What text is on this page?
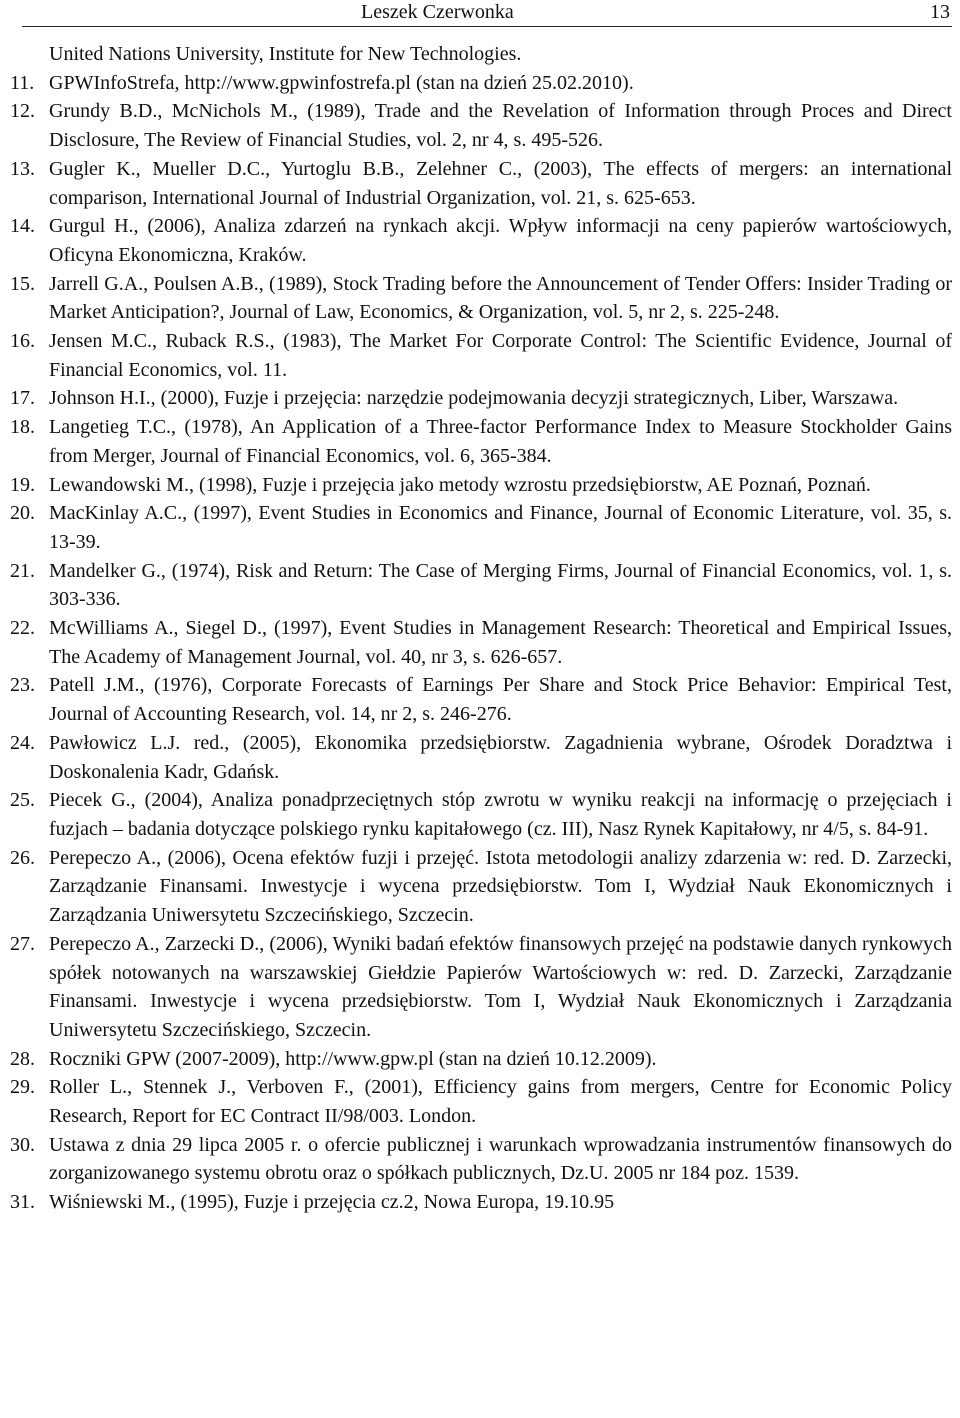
Leszek Czerwonka	13

United Nations University, Institute for New Technologies.

11. GPWInfoStrefa, http://www.gpwinfostrefa.pl (stan na dzień 25.02.2010).

12. Grundy B.D., McNichols M., (1989), Trade and the Revelation of Information through Proces and Direct Disclosure, The Review of Financial Studies, vol. 2, nr 4, s. 495-526.

13. Gugler K., Mueller D.C., Yurtoglu B.B., Zelehner C., (2003), The effects of mergers: an international comparison, International Journal of Industrial Organization, vol. 21, s. 625-653.

14. Gurgul H., (2006), Analiza zdarzeń na rynkach akcji. Wpływ informacji na ceny papierów wartościowych, Oficyna Ekonomiczna, Kraków.

15. Jarrell G.A., Poulsen A.B., (1989), Stock Trading before the Announcement of Tender Offers: Insider Trading or Market Anticipation?, Journal of Law, Economics, & Organization, vol. 5, nr 2, s. 225-248.

16. Jensen M.C., Ruback R.S., (1983), The Market For Corporate Control: The Scientific Evidence, Journal of Financial Economics, vol. 11.

17. Johnson H.I., (2000), Fuzje i przejęcia: narzędzie podejmowania decyzji strategicznych, Liber, Warszawa.

18. Langetieg T.C., (1978), An Application of a Three-factor Performance Index to Measure Stockholder Gains from Merger, Journal of Financial Economics, vol. 6, 365-384.

19. Lewandowski M., (1998), Fuzje i przejęcia jako metody wzrostu przedsiębiorstw, AE Poznań, Poznań.

20. MacKinlay A.C., (1997), Event Studies in Economics and Finance, Journal of Economic Literature, vol. 35, s. 13-39.

21. Mandelker G., (1974), Risk and Return: The Case of Merging Firms, Journal of Financial Economics, vol. 1, s. 303-336.

22. McWilliams A., Siegel D., (1997), Event Studies in Management Research: Theoretical and Empirical Issues, The Academy of Management Journal, vol. 40, nr 3, s. 626-657.

23. Patell J.M., (1976), Corporate Forecasts of Earnings Per Share and Stock Price Behavior: Empirical Test, Journal of Accounting Research, vol. 14, nr 2, s. 246-276.

24. Pawłowicz L.J. red., (2005), Ekonomika przedsiębiorstw. Zagadnienia wybrane, Ośrodek Doradztwa i Doskonalenia Kadr, Gdańsk.

25. Piecek G., (2004), Analiza ponadprzeciętnych stóp zwrotu w wyniku reakcji na informację o przejęciach i fuzjach – badania dotyczące polskiego rynku kapitałowego (cz. III), Nasz Rynek Kapitałowy, nr 4/5, s. 84-91.

26. Perepeczo A., (2006), Ocena efektów fuzji i przejęć. Istota metodologii analizy zdarzenia w: red. D. Zarzecki, Zarządzanie Finansami. Inwestycje i wycena przedsiębiorstw. Tom I, Wydział Nauk Ekonomicznych i Zarządzania Uniwersytetu Szczecińskiego, Szczecin.

27. Perepeczo A., Zarzecki D., (2006), Wyniki badań efektów finansowych przejęć na podstawie danych rynkowych spółek notowanych na warszawskiej Giełdzie Papierów Wartościowych w: red. D. Zarzecki, Zarządzanie Finansami. Inwestycje i wycena przedsiębiorstw. Tom I, Wydział Nauk Ekonomicznych i Zarządzania Uniwersytetu Szczecińskiego, Szczecin.

28. Roczniki GPW (2007-2009), http://www.gpw.pl (stan na dzień 10.12.2009).

29. Roller L., Stennek J., Verboven F., (2001), Efficiency gains from mergers, Centre for Economic Policy Research, Report for EC Contract II/98/003. London.

30. Ustawa z dnia 29 lipca 2005 r. o ofercie publicznej i warunkach wprowadzania instrumentów finansowych do zorganizowanego systemu obrotu oraz o spółkach publicznych, Dz.U. 2005 nr 184 poz. 1539.

31. Wiśniewski M., (1995), Fuzje i przejęcia cz.2, Nowa Europa, 19.10.95
